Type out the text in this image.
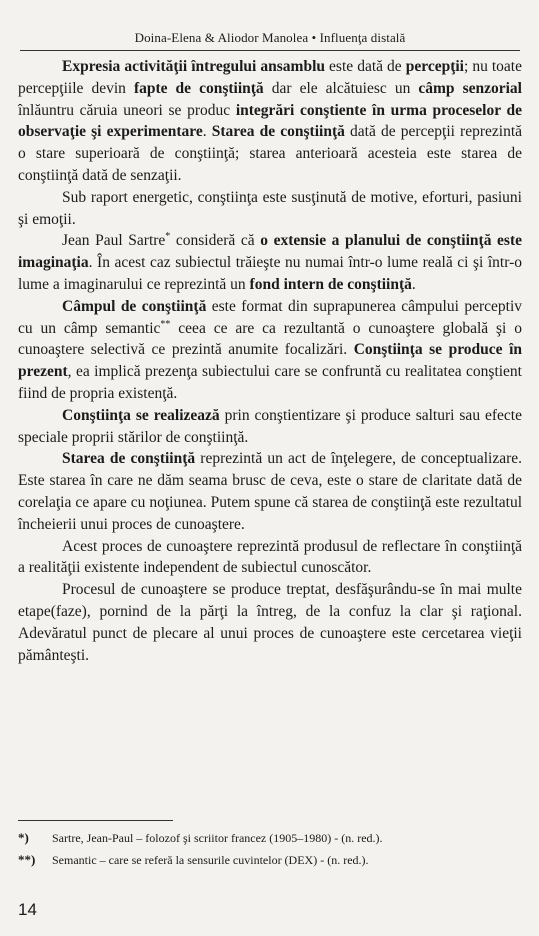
Doina-Elena & Aliodor Manolea • Influenţa distală

Expresia activităţii întregului ansamblu este dată de percepţii; nu toate percepţiile devin fapte de conştiinţă dar ele alcătuiesc un câmp senzorial înlăuntru căruia uneori se produc integrări conştiente în urma proceselor de observaţie şi experimentare. Starea de conştiinţă dată de percepţii reprezintă o stare superioară de conştiinţă; starea anterioară acesteia este starea de conştiinţă dată de senzaţii.

Sub raport energetic, conştiinţa este susţinută de motive, eforturi, pasiuni şi emoţii.

Jean Paul Sartre* consideră că o extensie a planului de conştiinţă este imaginaţia. În acest caz subiectul trăieşte nu numai într-o lume reală ci şi într-o lume a imaginarului ce reprezintă un fond intern de conştiinţă.

Câmpul de conştiinţă este format din suprapunerea câmpului perceptiv cu un câmp semantic** ceea ce are ca rezultantă o cunoaştere globală şi o cunoaştere selectivă ce prezintă anumite focalizări. Conştiinţa se produce în prezent, ea implică prezenţa subiectului care se confruntă cu realitatea conştient fiind de propria existenţă.

Conştiinţa se realizează prin conştientizare şi produce salturi sau efecte speciale proprii stărilor de conştiinţă.

Starea de conştiinţă reprezintă un act de înţelegere, de conceptualizare. Este starea în care ne dăm seama brusc de ceva, este o stare de claritate dată de corelaţia ce apare cu noţiunea. Putem spune că starea de conştiinţă este rezultatul încheierii unui proces de cunoaştere.

Acest proces de cunoaştere reprezintă produsul de reflectare în conştiinţă a realităţii existente independent de subiectul cunoscător.

Procesul de cunoaştere se produce treptat, desfăşurându-se în mai multe etape(faze), pornind de la părţi la întreg, de la confuz la clar şi raţional. Adevăratul punct de plecare al unui proces de cunoaştere este cercetarea vieţii pământeşti.

*)	Sartre, Jean-Paul – folozof şi scriitor francez (1905–1980) - (n. red.).
**)	Semantic – care se referă la sensurile cuvintelor (DEX) - (n. red.).
14
